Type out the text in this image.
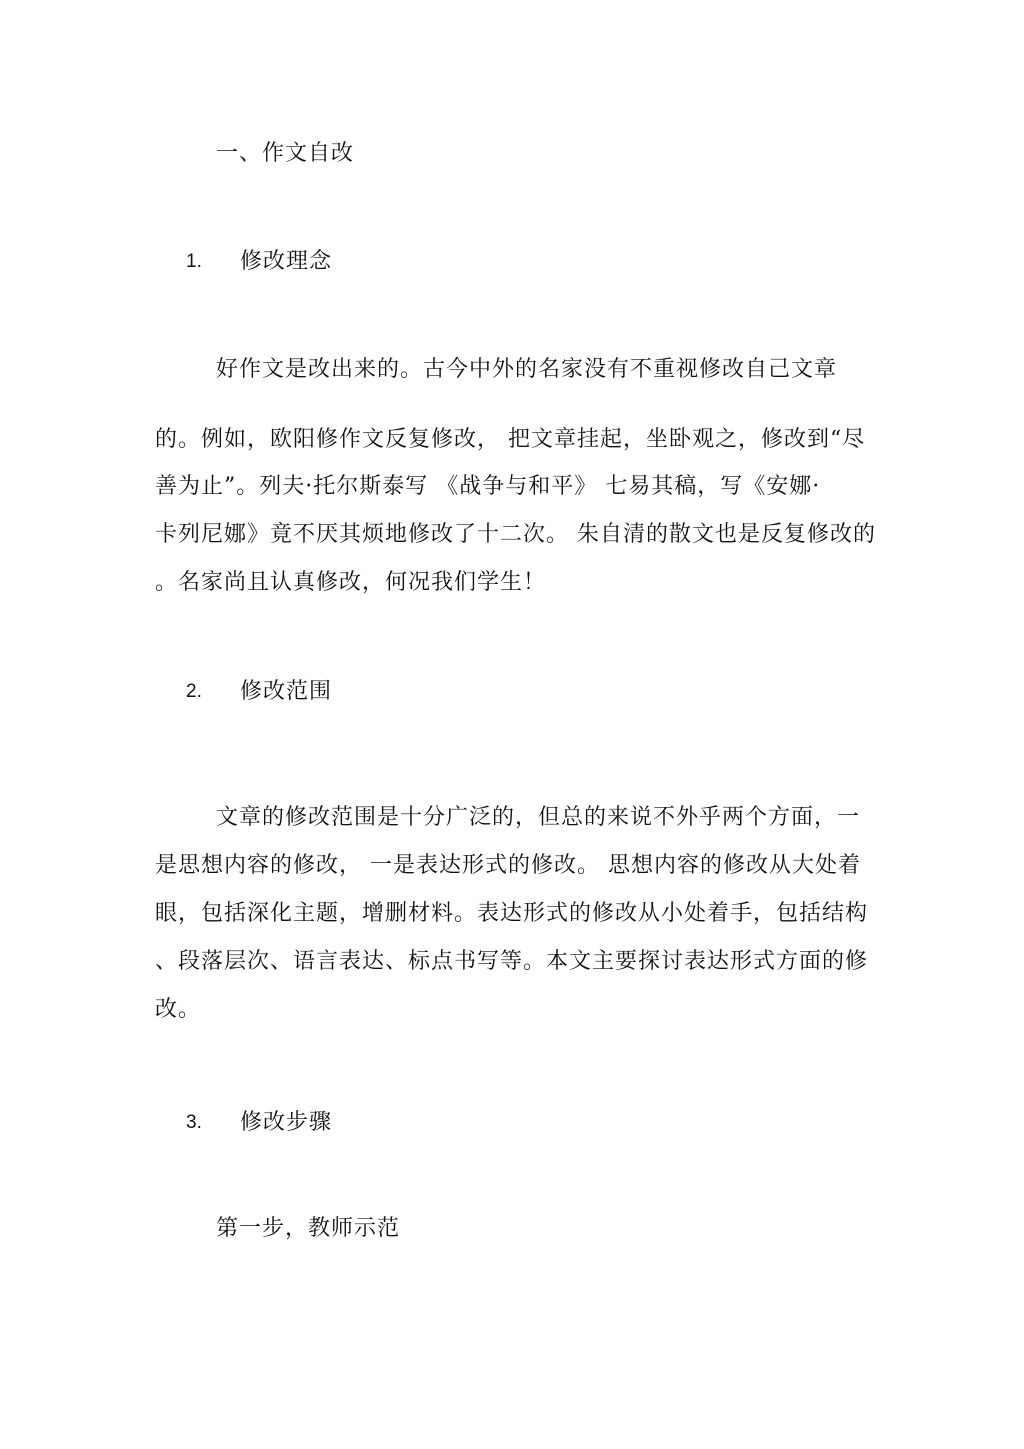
一、作文自改
1. 修改理念
好作文是改出来的。古今中外的名家没有不重视修改自己文章
的。例如，欧阳修作文反复修改， 把文章挂起，坐卧观之，修改到“尽
善为止”。列夫·托尔斯泰写 《战争与和平》 七易其稿，写《安娜·
卡列尼娜》竟不厌其烦地修改了十二次。 朱自清的散文也是反复修改的
。名家尚且认真修改，何况我们学生！
2. 修改范围
文章的修改范围是十分广泛的，但总的来说不外乎两个方面，一
是思想内容的修改， 一是表达形式的修改。 思想内容的修改从大处着
眼，包括深化主题，增删材料。表达形式的修改从小处着手，包括结构
、段落层次、语言表达、标点书写等。本文主要探讨表达形式方面的修
改。
3. 修改步骤
第一步，教师示范
